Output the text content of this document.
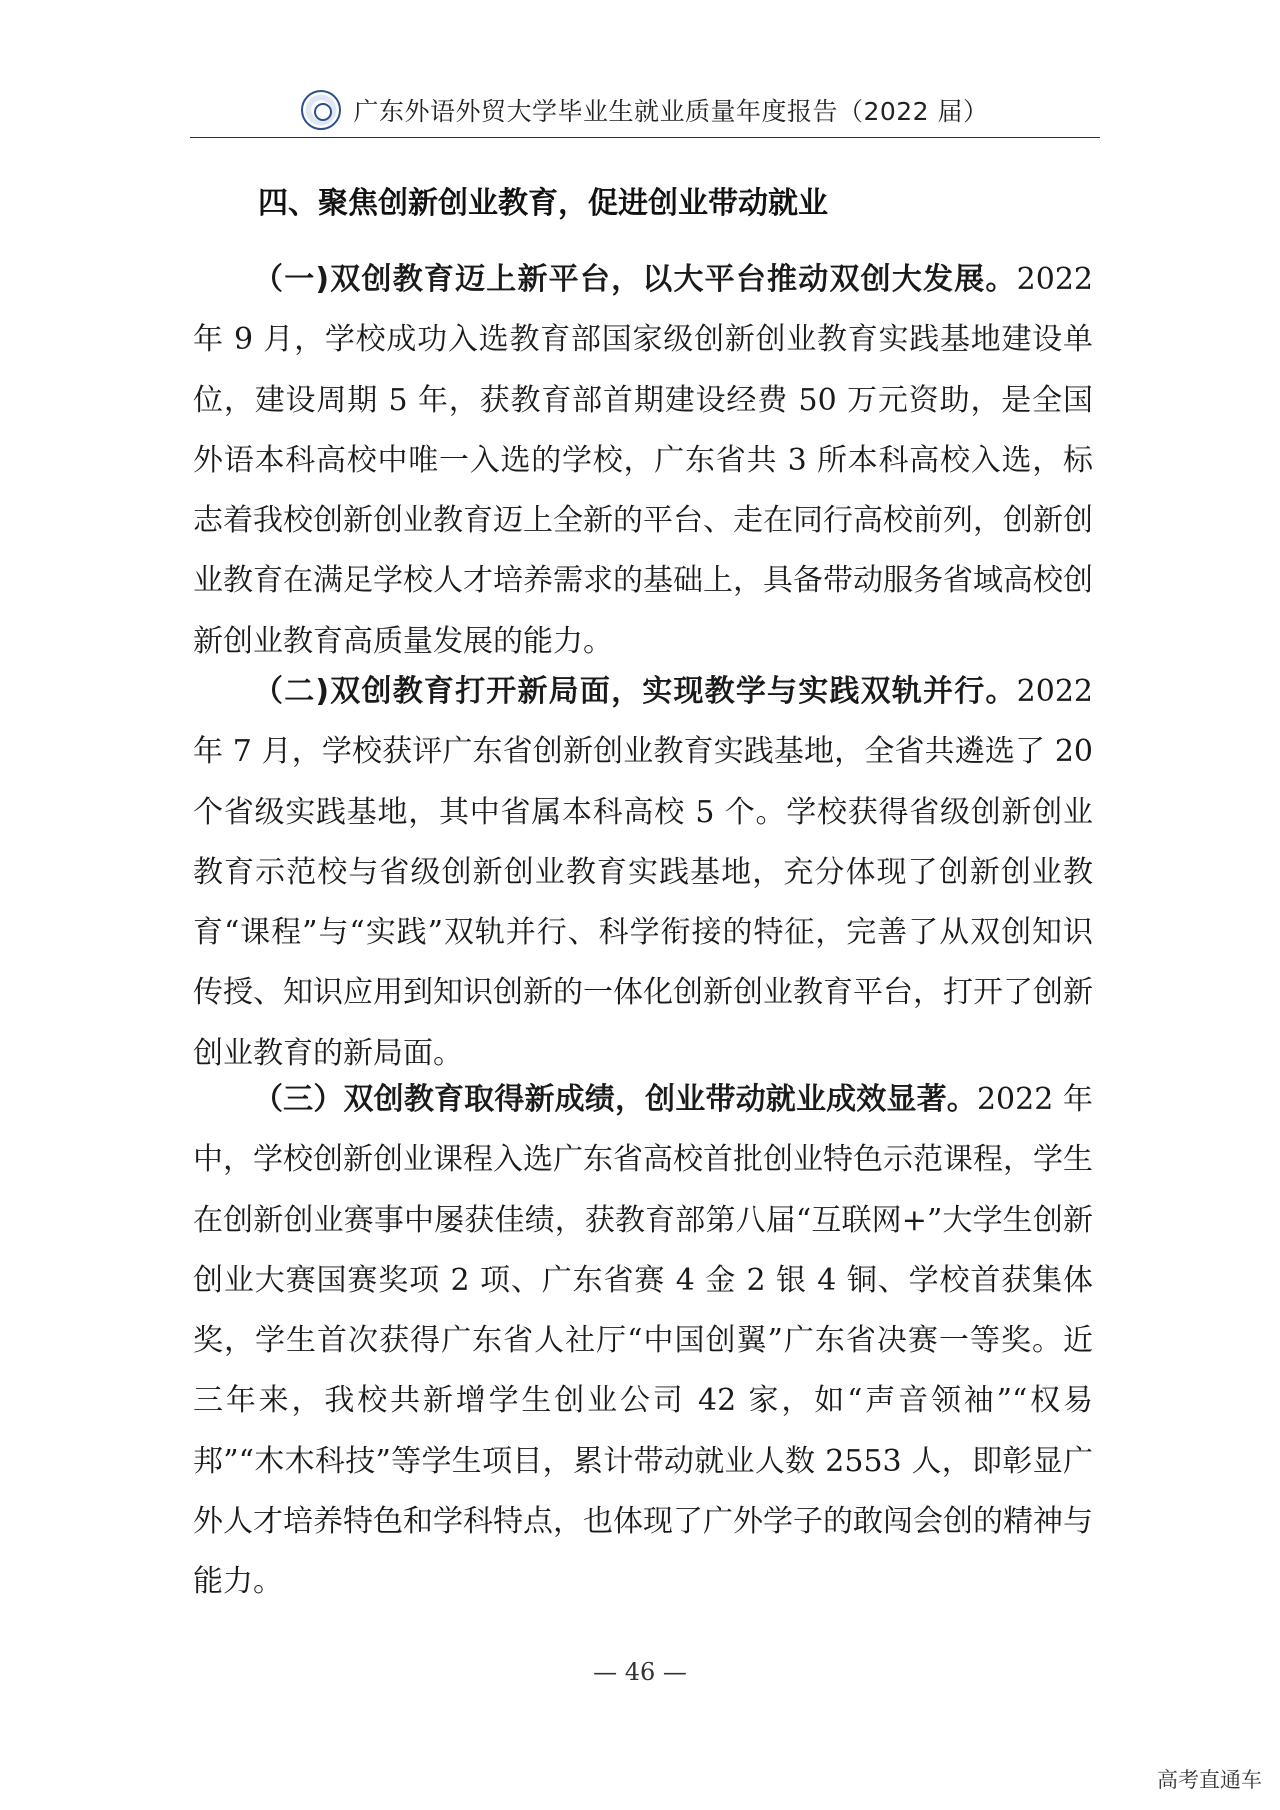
广东外语外贸大学毕业生就业质量年度报告（2022 届）
四、聚焦创新创业教育，促进创业带动就业
（一)双创教育迈上新平台，以大平台推动双创大发展。2022 年 9 月，学校成功入选教育部国家级创新创业教育实践基地建设单位，建设周期 5 年，获教育部首期建设经费 50 万元资助，是全国外语本科高校中唯一入选的学校，广东省共 3 所本科高校入选，标志着我校创新创业教育迈上全新的平台、走在同行高校前列，创新创业教育在满足学校人才培养需求的基础上，具备带动服务省域高校创新创业教育高质量发展的能力。
（二)双创教育打开新局面，实现教学与实践双轨并行。2022 年 7 月，学校获评广东省创新创业教育实践基地，全省共遴选了 20 个省级实践基地，其中省属本科高校 5 个。学校获得省级创新创业教育示范校与省级创新创业教育实践基地，充分体现了创新创业教育“课程”与“实践”双轨并行、科学衔接的特征，完善了从双创知识传授、知识应用到知识创新的一体化创新创业教育平台，打开了创新创业教育的新局面。
（三）双创教育取得新成绩，创业带动就业成效显著。2022 年中，学校创新创业课程入选广东省高校首批创业特色示范课程，学生在创新创业赛事中屡获佳绩，获教育部第八届“互联网+”大学生创新创业大赛国赛奖项 2 项、广东省赛 4 金 2 银 4 铜、学校首获集体奖，学生首次获得广东省人社厅“中国创翼”广东省决赛一等奖。近三年来，我校共新增学生创业公司 42 家，如“声音领袖”“权易邦”“木木科技”等学生项目，累计带动就业人数 2553 人，即彰显广外人才培养特色和学科特点，也体现了广外学子的敢闯会创的精神与能力。
— 46 —
高考直通车
